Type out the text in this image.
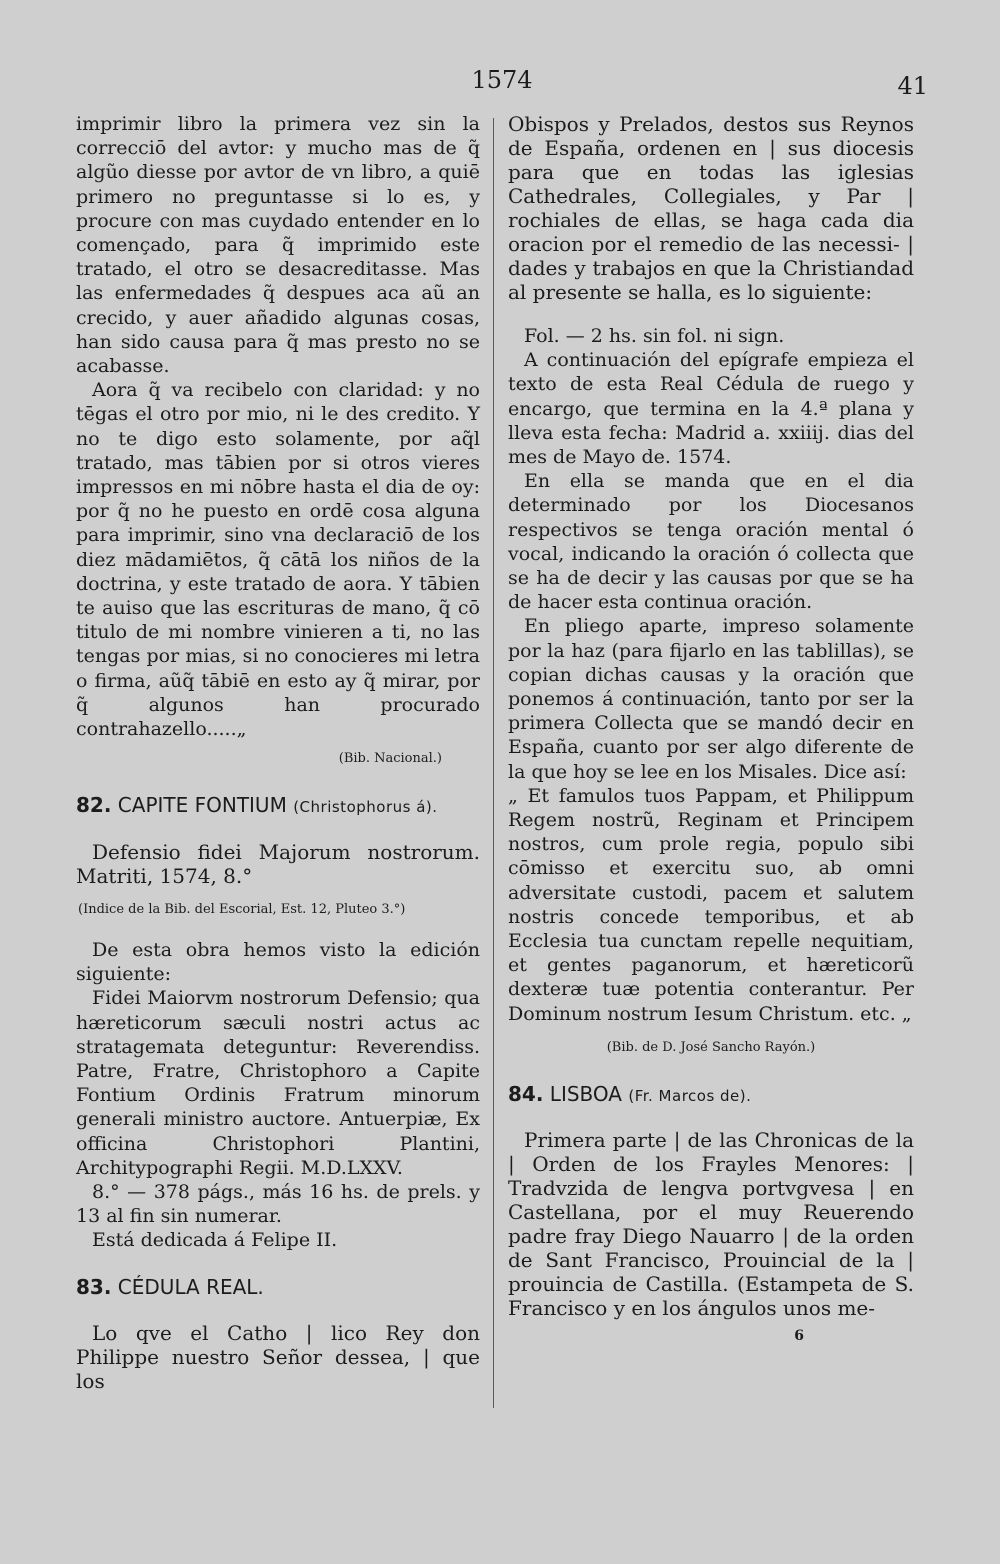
1574	41

imprimir libro la primera vez sin la correcciō del avtor: y mucho mas de q̃ algũo diesse por avtor de vn libro, a quiē primero no preguntasse si lo es, y procure con mas cuydado entender en lo començado, para q̃ imprimido este tratado, el otro se desacreditasse. Mas las enfermedades q̃ despues aca aũ an crecido, y auer añadido algunas cosas, han sido causa para q̃ mas presto no se acabasse.

Aora q̃ va recibelo con claridad: y no tēgas el otro por mio, ni le des credito. Y no te digo esto solamente, por aq̃l tratado, mas tābien por si otros vieres impressos en mi nōbre hasta el dia de oy: por q̃ no he puesto en ordē cosa alguna para imprimir, sino vna declaraciō de los diez mādamiētos, q̃ cātā los niños de la doctrina, y este tratado de aora. Y tābien te auiso que las escrituras de mano, q̃ cō titulo de mi nombre vinieren a ti, no las tengas por mias, si no conocieres mi letra o firma, aũq̃ tābiē en esto ay q̃ mirar, por q̃ algunos han procurado contrahazello.....„

(Bib. Nacional.)

82. CAPITE FONTIUM (Christophorus á).

Defensio fidei Majorum nostrorum. Matriti, 1574, 8.°

(Indice de la Bib. del Escorial, Est. 12, Pluteo 3.°)

De esta obra hemos visto la edición siguiente:

Fidei Maiorvm nostrorum Defensio; qua hæreticorum sæculi nostri actus ac stratagemata deteguntur: Reverendiss. Patre, Fratre, Christophoro a Capite Fontium Ordinis Fratrum minorum generali ministro auctore. Antuerpiæ, Ex officina Christophori Plantini, Architypographi Regii. M.D.LXXV.

8.° — 378 págs., más 16 hs. de prels. y 13 al fin sin numerar.

Está dedicada á Felipe II.

83. CÉDULA REAL.

Lo qve el Catho | lico Rey don Philippe nuestro Señor dessea, | que los

Obispos y Prelados, destos sus Reynos de España, ordenen en | sus diocesis para que en todas las iglesias Cathedrales, Collegiales, y Par | rochiales de ellas, se haga cada dia oracion por el remedio de las necessi- | dades y trabajos en que la Christiandad al presente se halla, es lo siguiente:

Fol. — 2 hs. sin fol. ni sign.

A continuación del epígrafe empieza el texto de esta Real Cédula de ruego y encargo, que termina en la 4.ª plana y lleva esta fecha: Madrid a. xxiiij. dias del mes de Mayo de. 1574.

En ella se manda que en el dia determinado por los Diocesanos respectivos se tenga oración mental ó vocal, indicando la oración ó collecta que se ha de decir y las causas por que se ha de hacer esta continua oración.

En pliego aparte, impreso solamente por la haz (para fijarlo en las tablillas), se copian dichas causas y la oración que ponemos á continuación, tanto por ser la primera Collecta que se mandó decir en España, cuanto por ser algo diferente de la que hoy se lee en los Misales. Dice así:

„ Et famulos tuos Pappam, et Philippum Regem nostrũ, Reginam et Principem nostros, cum prole regia, populo sibi cōmisso et exercitu suo, ab omni adversitate custodi, pacem et salutem nostris concede temporibus, et ab Ecclesia tua cunctam repelle nequitiam, et gentes paganorum, et hæreticorũ dexteræ tuæ potentia conterantur. Per Dominum nostrum Iesum Christum. etc. „

(Bib. de D. José Sancho Rayón.)

84. LISBOA (Fr. Marcos de).

Primera parte | de las Chronicas de la | Orden de los Frayles Menores: | Tradvzida de lengva portvgvesa | en Castellana, por el muy Reuerendo padre fray Diego Nauarro | de la orden de Sant Francisco, Prouincial de la | prouincia de Castilla. (Estampeta de S. Francisco y en los ángulos unos me-

6
